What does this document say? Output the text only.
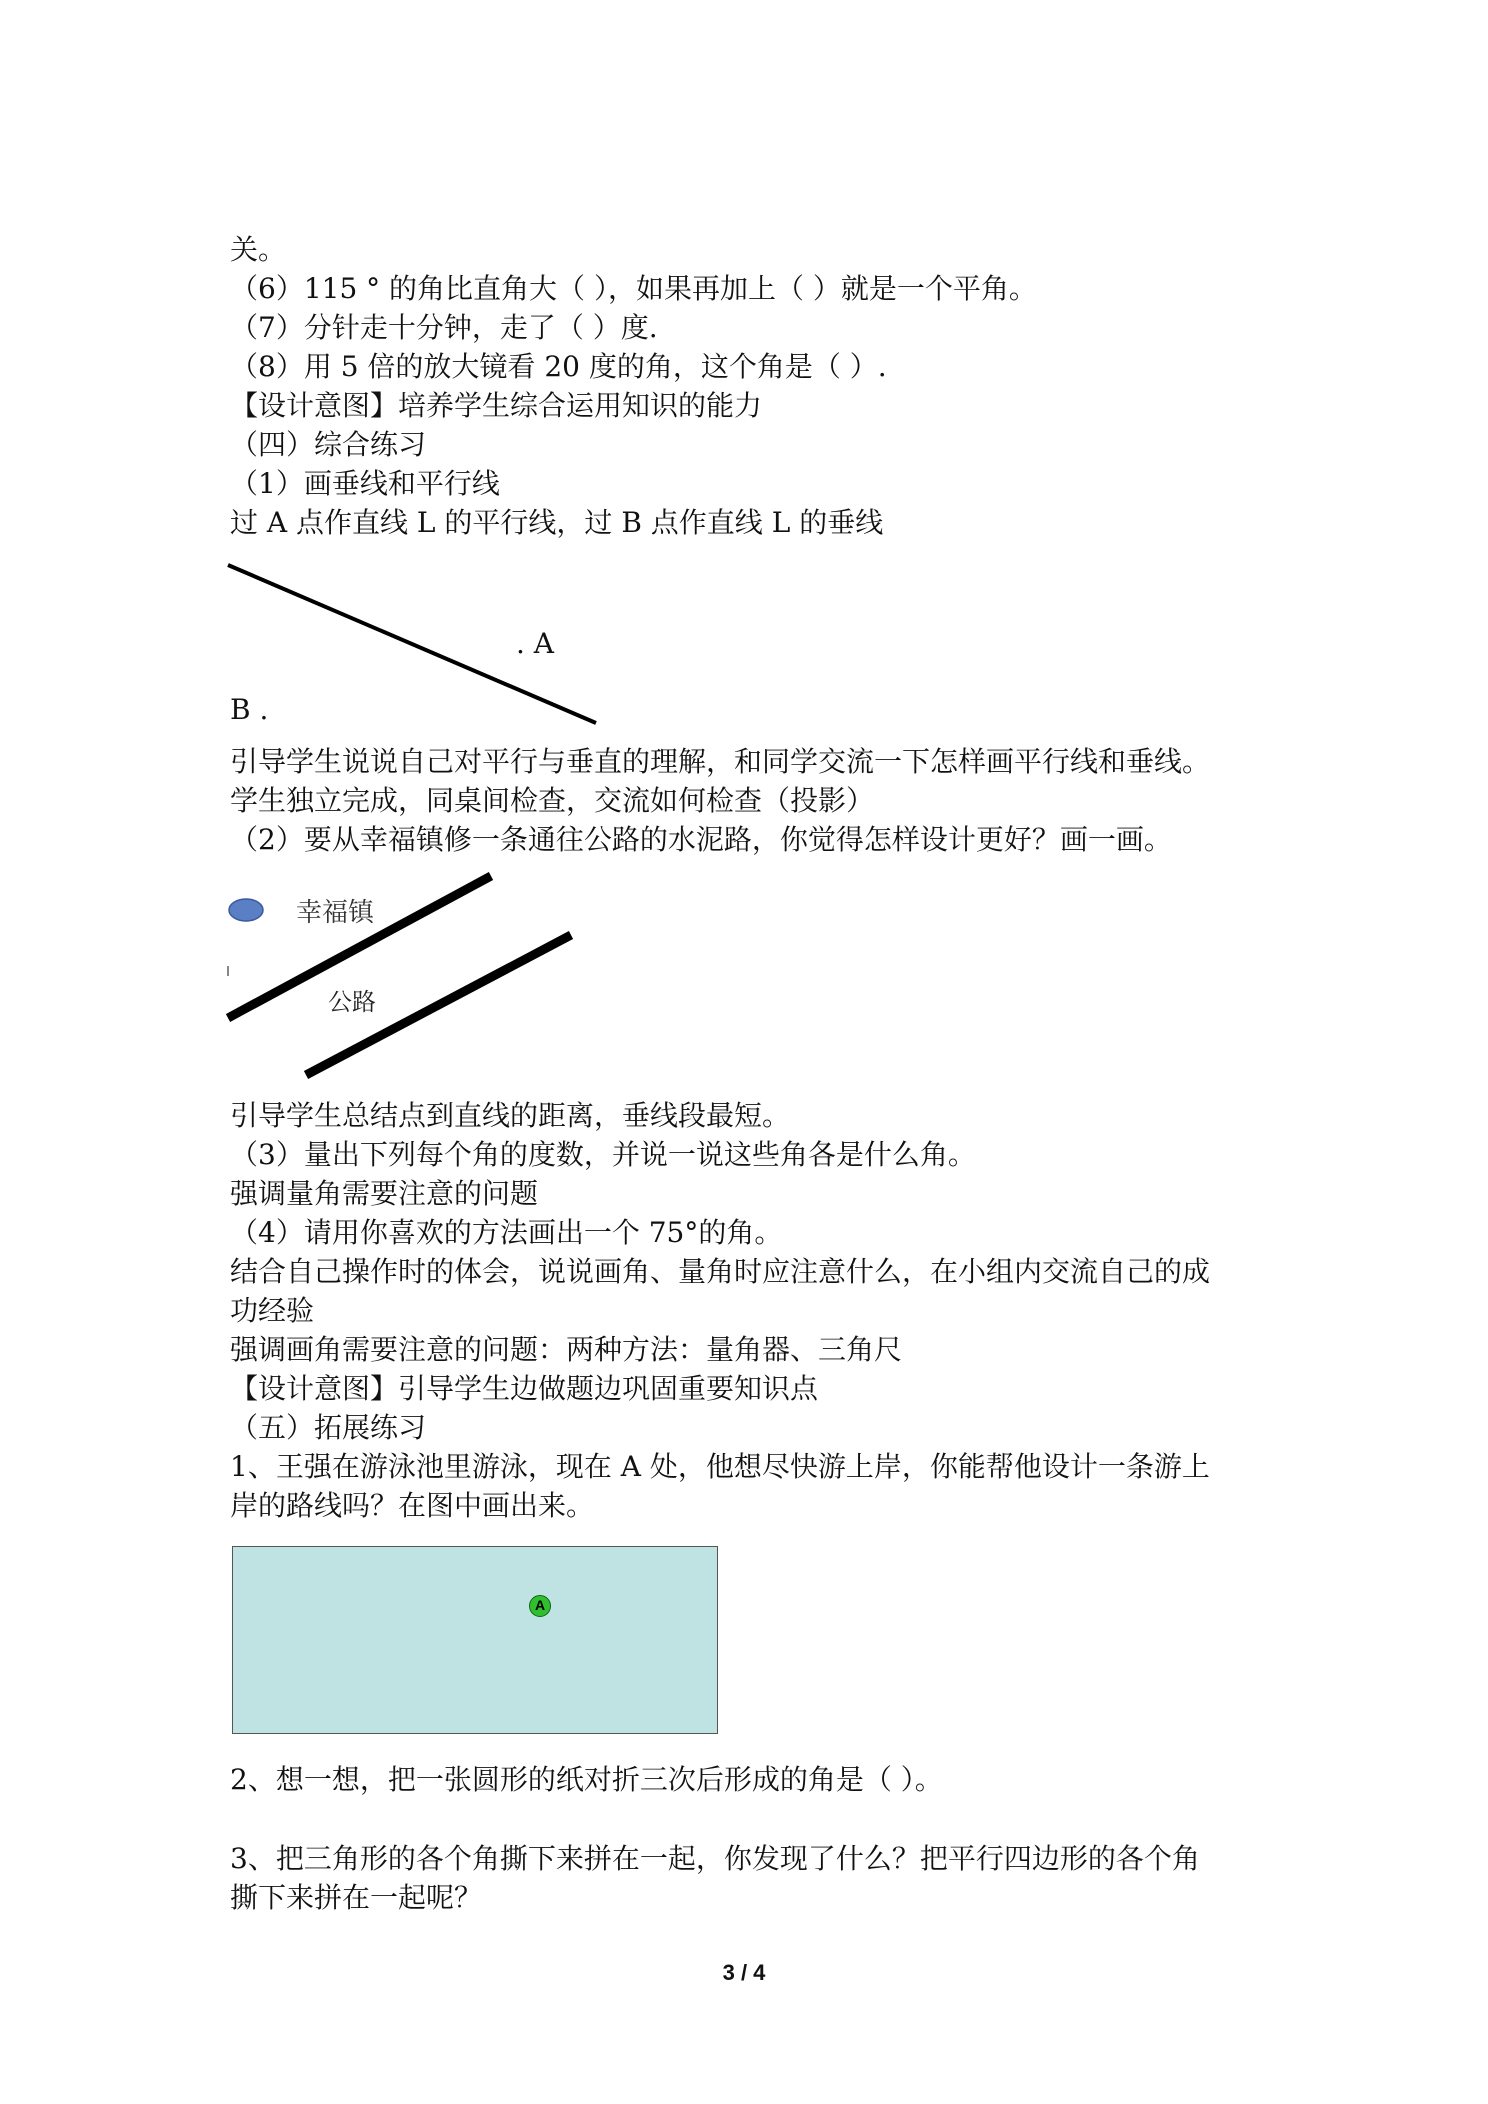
关。
（6）115 ° 的角比直角大（ ），如果再加上（ ）就是一个平角。
（7）分针走十分钟，走了（ ）度.
（8）用 5 倍的放大镜看 20 度的角，这个角是（ ）.
【设计意图】培养学生综合运用知识的能力
（四）综合练习
（1）画垂线和平行线
过 A 点作直线 L 的平行线，过 B 点作直线 L 的垂线
. A
B .
引导学生说说自己对平行与垂直的理解，和同学交流一下怎样画平行线和垂线。
学生独立完成，同桌间检查，交流如何检查（投影）
（2）要从幸福镇修一条通往公路的水泥路，你觉得怎样设计更好？画一画。
幸福镇
公路
引导学生总结点到直线的距离，垂线段最短。
（3）量出下列每个角的度数，并说一说这些角各是什么角。
强调量角需要注意的问题
（4）请用你喜欢的方法画出一个 75°的角。
结合自己操作时的体会，说说画角、量角时应注意什么，在小组内交流自己的成
功经验
强调画角需要注意的问题：两种方法：量角器、三角尺
【设计意图】引导学生边做题边巩固重要知识点
（五）拓展练习
1、王强在游泳池里游泳，现在 A 处，他想尽快游上岸，你能帮他设计一条游上
岸的路线吗？在图中画出来。
A
2、想一想，把一张圆形的纸对折三次后形成的角是（ ）。
3、把三角形的各个角撕下来拼在一起，你发现了什么？把平行四边形的各个角
撕下来拼在一起呢？
3 / 4
